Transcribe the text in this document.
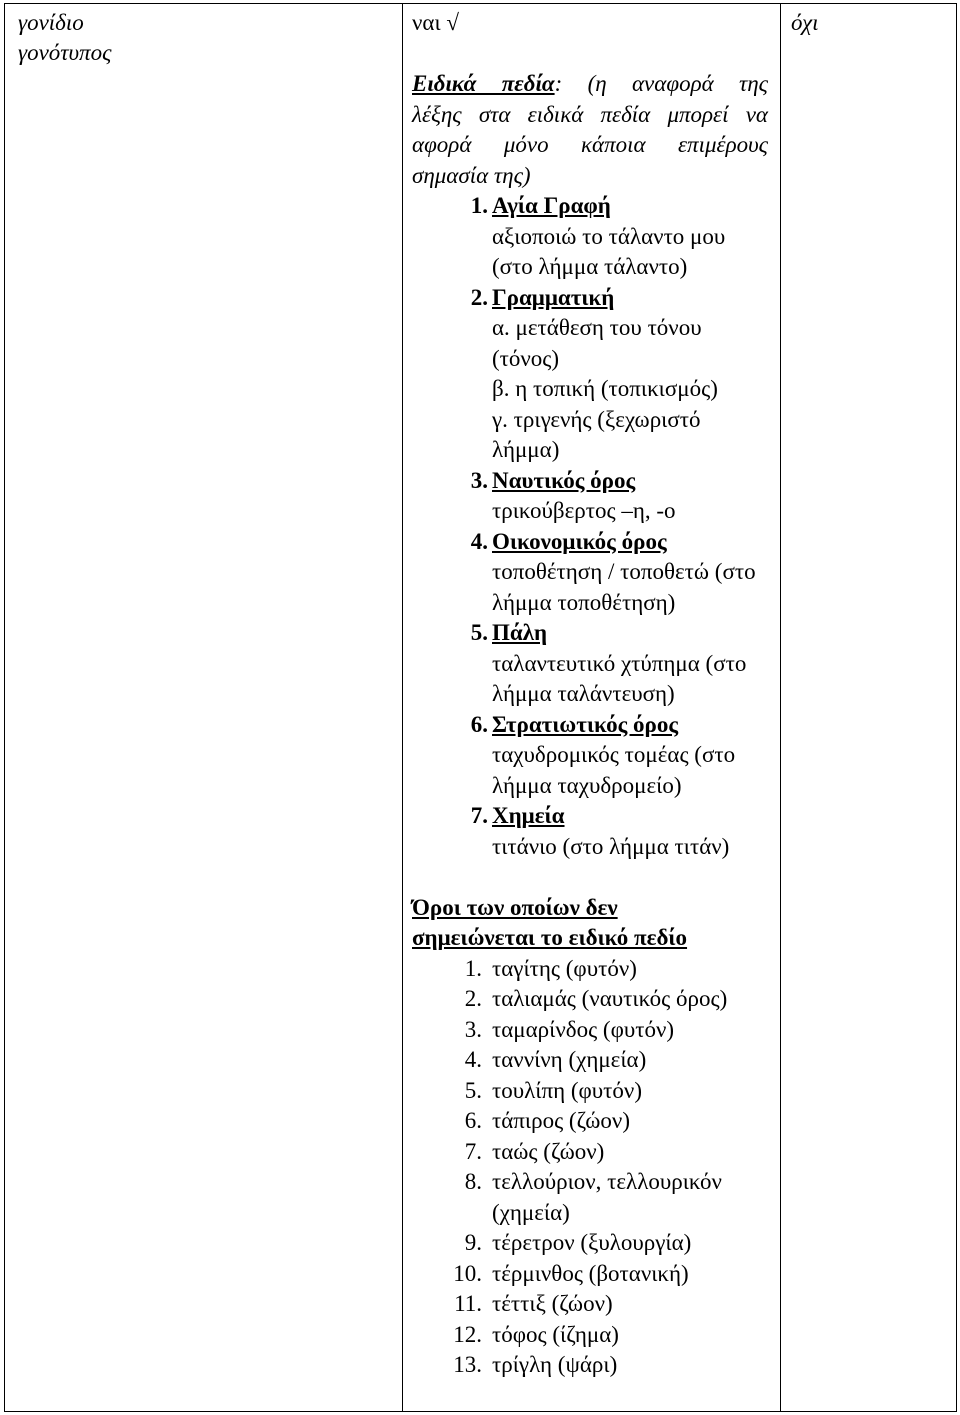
γονίδιο
γονότυπος
ναι √
Ειδικά πεδία: (η αναφορά της
λέξης στα ειδικά πεδία μπορεί να
αφορά μόνο κάποια επιμέρους
σημασία της)
1. Αγία Γραφή
αξιοποιώ το τάλαντο μου
(στο λήμμα τάλαντο)
2. Γραμματική
α. μετάθεση του τόνου
(τόνος)
β. η τοπική (τοπικισμός)
γ. τριγενής (ξεχωριστό
λήμμα)
3. Ναυτικός όρος
τρικούβερτος –η, -ο
4. Οικονομικός όρος
τοποθέτηση / τοποθετώ (στο
λήμμα τοποθέτηση)
5. Πάλη
ταλαντευτικό χτύπημα (στο
λήμμα ταλάντευση)
6. Στρατιωτικός όρος
ταχυδρομικός τομέας (στο
λήμμα ταχυδρομείο)
7. Χημεία
τιτάνιο (στο λήμμα τιτάν)
Όροι των οποίων δεν
σημειώνεται το ειδικό πεδίο
1. ταγίτης (φυτόν)
2. ταλιαμάς (ναυτικός όρος)
3. ταμαρίνδος (φυτόν)
4. ταννίνη (χημεία)
5. τουλίπη (φυτόν)
6. τάπιρος (ζώον)
7. ταώς (ζώον)
8. τελλούριον, τελλουρικόν
(χημεία)
9. τέρετρον (ξυλουργία)
10. τέρμινθος (βοτανική)
11. τέττιξ (ζώον)
12. τόφος (ίζημα)
13. τρίγλη (ψάρι)
όχι
